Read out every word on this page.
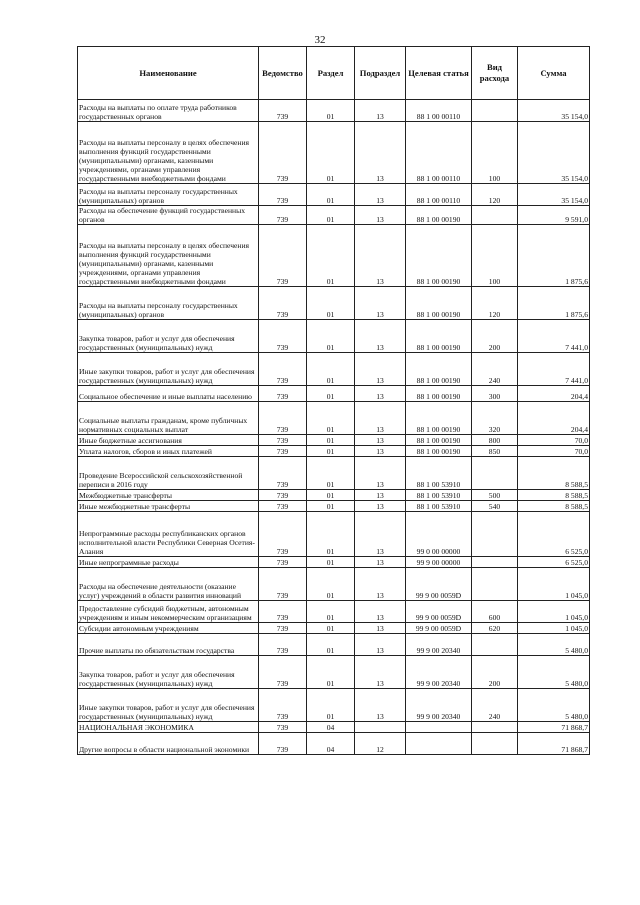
32
Наименование	Ведомство	Раздел	Подраздел	Целевая статья	Вид расхода	Сумма
Расходы на выплаты по оплате труда работников государственных органов	739	01	13	88 1 00 00110		35 154,0
Расходы на выплаты персоналу в целях обеспечения выполнения функций государственными (муниципальными) органами, казенными учреждениями, органами управления государственными внебюджетными фондами	739	01	13	88 1 00 00110	100	35 154,0
Расходы на выплаты персоналу государственных (муниципальных) органов	739	01	13	88 1 00 00110	120	35 154,0
Расходы на обеспечение функций государственных органов	739	01	13	88 1 00 00190		9 591,0
Расходы на выплаты персоналу в целях обеспечения выполнения функций государственными (муниципальными) органами, казенными учреждениями, органами управления государственными внебюджетными фондами	739	01	13	88 1 00 00190	100	1 875,6
Расходы на выплаты персоналу государственных (муниципальных) органов	739	01	13	88 1 00 00190	120	1 875,6
Закупка товаров, работ и услуг для обеспечения государственных (муниципальных) нужд	739	01	13	88 1 00 00190	200	7 441,0
Иные закупки товаров, работ и услуг для обеспечения государственных (муниципальных) нужд	739	01	13	88 1 00 00190	240	7 441,0
Социальное обеспечение и иные выплаты населению	739	01	13	88 1 00 00190	300	204,4
Социальные выплаты гражданам, кроме публичных нормативных социальных выплат	739	01	13	88 1 00 00190	320	204,4
Иные бюджетные ассигнования	739	01	13	88 1 00 00190	800	70,0
Уплата налогов, сборов и иных платежей	739	01	13	88 1 00 00190	850	70,0
Проведение Всероссийской сельскохозяйственной переписи в 2016 году	739	01	13	88 1 00 53910		8 588,5
Межбюджетные трансферты	739	01	13	88 1 00 53910	500	8 588,5
Иные межбюджетные трансферты	739	01	13	88 1 00 53910	540	8 588,5
Непрограммные расходы республиканских органов исполнительной власти Республики Северная Осетия-Алания	739	01	13	99 0 00 00000		6 525,0
Иные непрограммные расходы	739	01	13	99 9 00 00000		6 525,0
Расходы на обеспечение деятельности (оказание услуг) учреждений в области развития инноваций	739	01	13	99 9 00 0059D		1 045,0
Предоставление субсидий бюджетным, автономным учреждениям и иным некоммерческим организациям	739	01	13	99 9 00 0059D	600	1 045,0
Субсидии автономным учреждениям	739	01	13	99 9 00 0059D	620	1 045,0
Прочие выплаты по обязательствам государства	739	01	13	99 9 00 20340		5 480,0
Закупка товаров, работ и услуг для обеспечения государственных (муниципальных) нужд	739	01	13	99 9 00 20340	200	5 480,0
Иные закупки товаров, работ и услуг для обеспечения государственных (муниципальных) нужд	739	01	13	99 9 00 20340	240	5 480,0
НАЦИОНАЛЬНАЯ ЭКОНОМИКА	739	04				71 868,7
Другие вопросы в области национальной экономики	739	04	12			71 868,7
